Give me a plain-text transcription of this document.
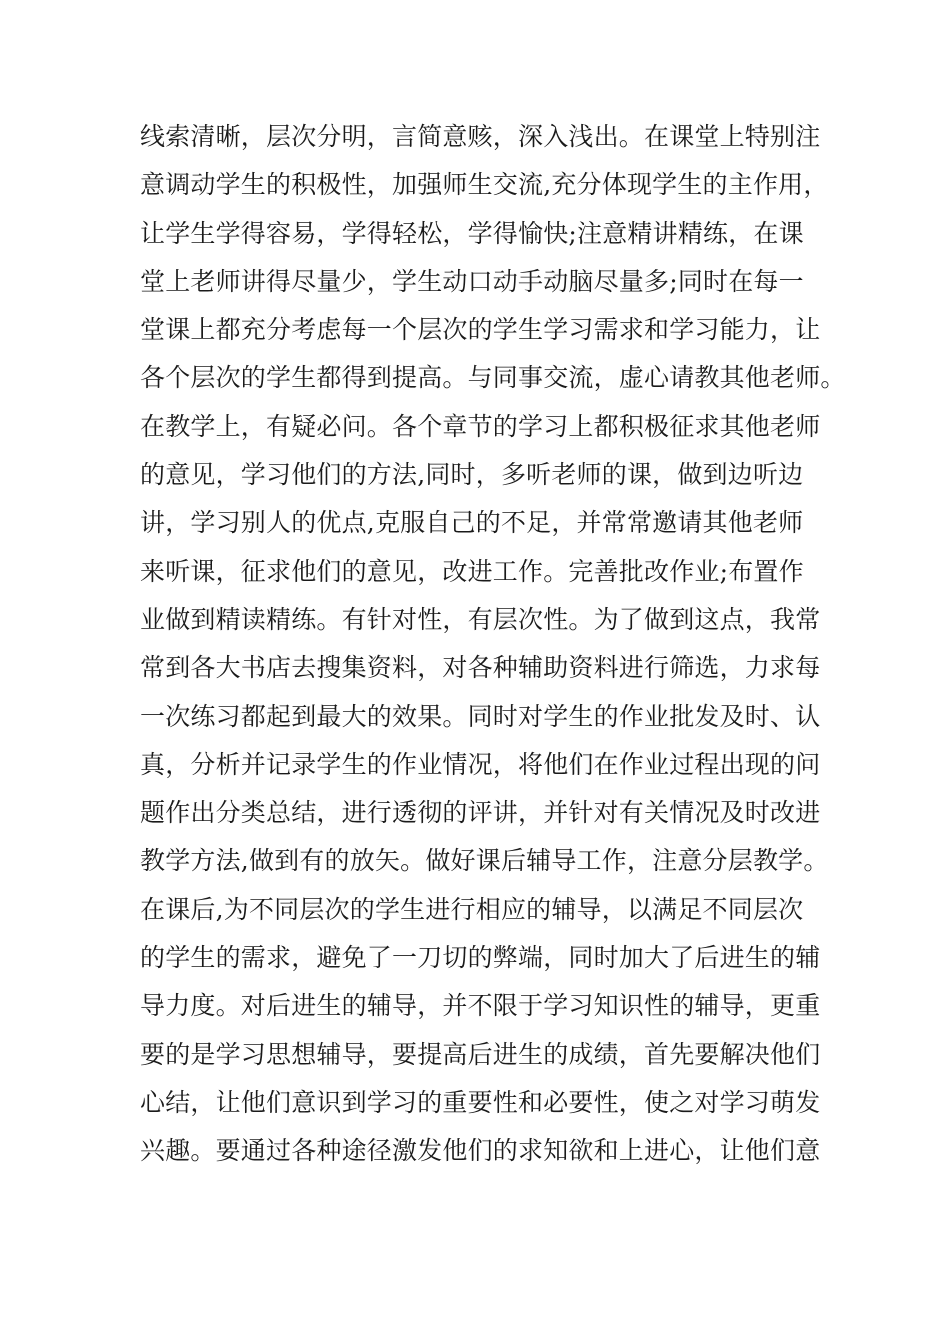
线索清晰，层次分明，言简意赅，深入浅出。在课堂上特别注
意调动学生的积极性，加强师生交流,充分体现学生的主作用，
让学生学得容易，学得轻松，学得愉快;注意精讲精练，在课
堂上老师讲得尽量少，学生动口动手动脑尽量多;同时在每一
堂课上都充分考虑每一个层次的学生学习需求和学习能力，让
各个层次的学生都得到提高。与同事交流，虚心请教其他老师。
在教学上，有疑必问。各个章节的学习上都积极征求其他老师
的意见，学习他们的方法,同时，多听老师的课，做到边听边
讲，学习别人的优点,克服自己的不足，并常常邀请其他老师
来听课，征求他们的意见，改进工作。完善批改作业;布置作
业做到精读精练。有针对性，有层次性。为了做到这点，我常
常到各大书店去搜集资料，对各种辅助资料进行筛选，力求每
一次练习都起到最大的效果。同时对学生的作业批发及时、认
真，分析并记录学生的作业情况，将他们在作业过程出现的问
题作出分类总结，进行透彻的评讲，并针对有关情况及时改进
教学方法,做到有的放矢。做好课后辅导工作，注意分层教学。
在课后,为不同层次的学生进行相应的辅导，以满足不同层次
的学生的需求，避免了一刀切的弊端，同时加大了后进生的辅
导力度。对后进生的辅导，并不限于学习知识性的辅导，更重
要的是学习思想辅导，要提高后进生的成绩，首先要解决他们
心结，让他们意识到学习的重要性和必要性，使之对学习萌发
兴趣。要通过各种途径激发他们的求知欲和上进心，让他们意
